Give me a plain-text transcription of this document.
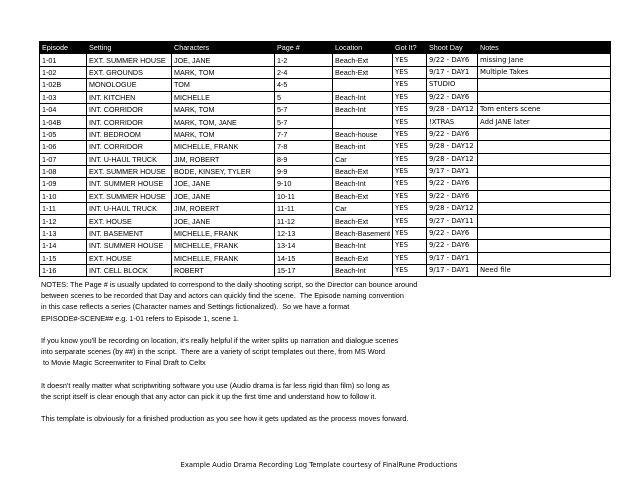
Episode	Setting	Characters	Page #	Location	Got It?	Shoot Day	Notes
1-01	EXT. SUMMER HOUSE	JOE, JANE	1-2	Beach-Ext	YES	9/22 - DAY6	missing Jane
1-02	EXT. GROUNDS	MARK, TOM	2-4	Beach-Ext	YES	9/17 - DAY1	Multiple Takes
1-02B	MONOLOGUE	TOM	4-5		YES	STUDIO	
1-03	INT. KITCHEN	MICHELLE	5	Beach-Int	YES	9/22 - DAY6	
1-04	INT. CORRIDOR	MARK, TOM	5-7	Beach-Int	YES	9/28 - DAY12	Tom enters scene
1-04B	INT. CORRIDOR	MARK, TOM, JANE	5-7		YES	!XTRAS	Add JANE later
1-05	INT. BEDROOM	MARK, TOM	7-7	Beach-house	YES	9/22 - DAY6	
1-06	INT. CORRIDOR	MICHELLE, FRANK	7-8	Beach-int	YES	9/28 - DAY12	
1-07	INT. U-HAUL TRUCK	JIM, ROBERT	8-9	Car	YES	9/28 - DAY12	
1-08	EXT. SUMMER HOUSE	BODE, KINSEY, TYLER	9-9	Beach-Ext	YES	9/17 - DAY1	
1-09	INT. SUMMER HOUSE	JOE, JANE	9-10	Beach-Int	YES	9/22 - DAY6	
1-10	EXT. SUMMER HOUSE	JOE, JANE	10-11	Beach-Ext	YES	9/22 - DAY6	
1-11	INT. U-HAUL TRUCK	JIM, ROBERT	11-11	Car	YES	9/28 - DAY12	
1-12	EXT. HOUSE	JOE, JANE	11-12	Beach-Ext	YES	9/27 - DAY11	
1-13	INT. BASEMENT	MICHELLE, FRANK	12-13	Beach-Basement	YES	9/22 - DAY6	
1-14	INT. SUMMER HOUSE	MICHELLE, FRANK	13-14	Beach-Int	YES	9/22 - DAY6	
1-15	EXT. HOUSE	MICHELLE, FRANK	14-15	Beach-Ext	YES	9/17 - DAY1	
1-16	INT. CELL BLOCK	ROBERT	15-17	Beach-Int	YES	9/17 - DAY1	Need file

NOTES: The Page # is usually updated to correspond to the daily shooting script, so the Director can bounce around
between scenes to be recorded that Day and actors can quickly find the scene.  The Episode naming convention
in this case reflects a series (Character names and Settings fictionalized).  So we have a format
EPISODE#-SCENE## e.g. 1-01 refers to Episode 1, scene 1.

If you know you'll be recording on location, it's really helpful if the writer splits up narration and dialogue scenes
into serparate scenes (by ##) in the script.  There are a variety of script templates out there, from MS Word
to Movie Magic Screenwriter to Final Draft to Celtx

It doesn't really matter what scriptwriting software you use (Audio drama is far less rigid than film) so long as
the script itself is clear enough that any actor can pick it up the first time and understand how to follow it.

This template is obviously for a finished production as you see how it gets updated as the process moves forward.

Example Audio Drama Recording Log Template courtesy of FinalRune Productions
